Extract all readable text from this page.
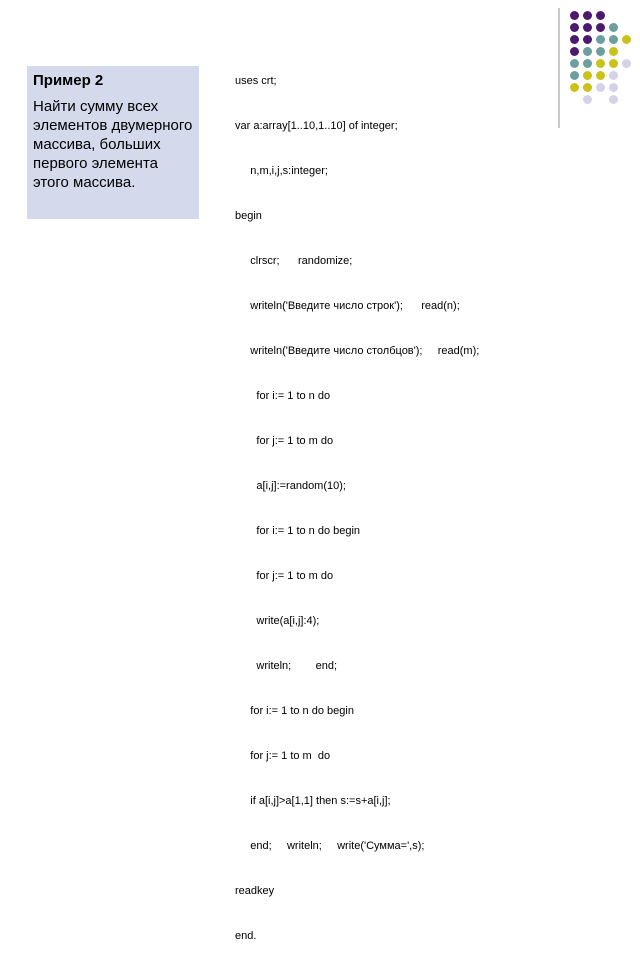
Пример 2

Найти сумму всех элементов двумерного массива, больших первого элемента этого массива.

uses crt;

var a:array[1..10,1..10] of integer;

n,m,i,j,s:integer;

begin

clrscr;      randomize;

writeln('Введите число строк');      read(n);

writeln('Введите число столбцов');     read(m);

for i:= 1 to n do

for j:= 1 to m do

a[i,j]:=random(10);

for i:= 1 to n do begin

for j:= 1 to m do

write(a[i,j]:4);

writeln;        end;

for i:= 1 to n do begin

for j:= 1 to m  do

if a[i,j]>a[1,1] then s:=s+a[i,j];

end;     writeln;     write('Сумма=',s);

readkey

end.
